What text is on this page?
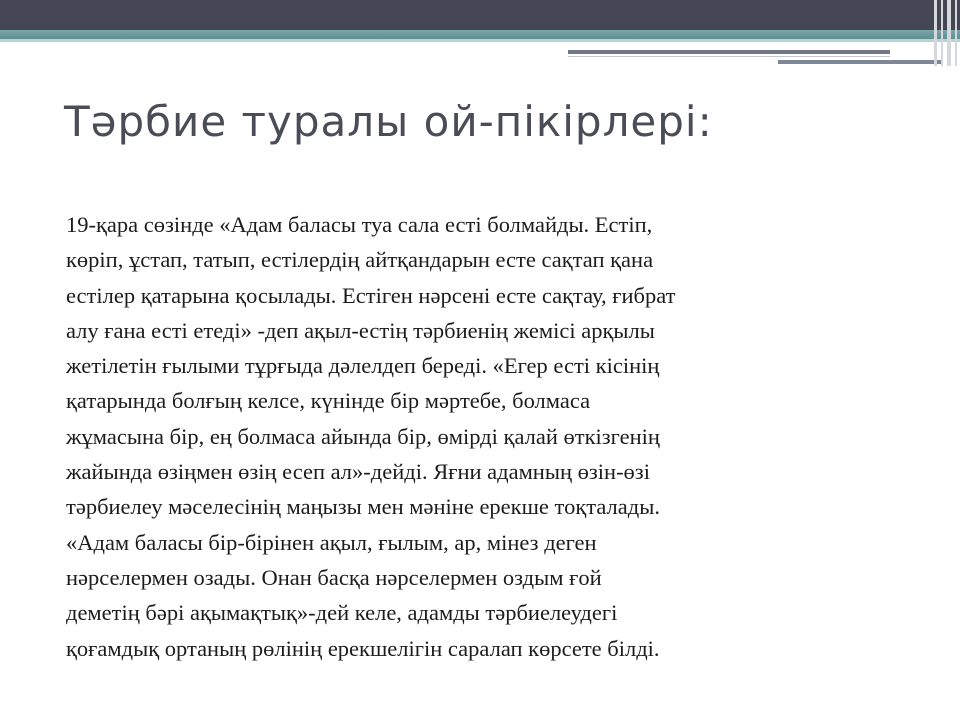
Тәрбие туралы ой-пікірлері:
19-қара сөзінде «Адам баласы туа сала есті болмайды. Естіп,
көріп, ұстап, татып, естілердің айтқандарын есте сақтап қана
естілер қатарына қосылады. Естіген нәрсені есте сақтау, ғибрат
алу ғана есті етеді» -деп ақыл-естің тәрбиенің жемісі арқылы
жетілетін ғылыми тұрғыда дәлелдеп береді. «Егер есті кісінің
қатарында болғың келсе, күнінде бір мәртебе, болмаса
жұмасына бір, ең болмаса айында бір, өмірді қалай өткізгенің
жайында өзіңмен өзің есеп ал»-дейді. Яғни адамның өзін-өзі
тәрбиелеу мәселесінің маңызы мен мәніне ерекше тоқталады.
«Адам баласы бір-бірінен ақыл, ғылым, ар, мінез деген
нәрселермен озады. Онан басқа нәрселермен оздым ғой
деметің бәрі ақымақтық»-дей келе, адамды тәрбиелеудегі
қоғамдық ортаның рөлінің ерекшелігін саралап көрсете білді.
